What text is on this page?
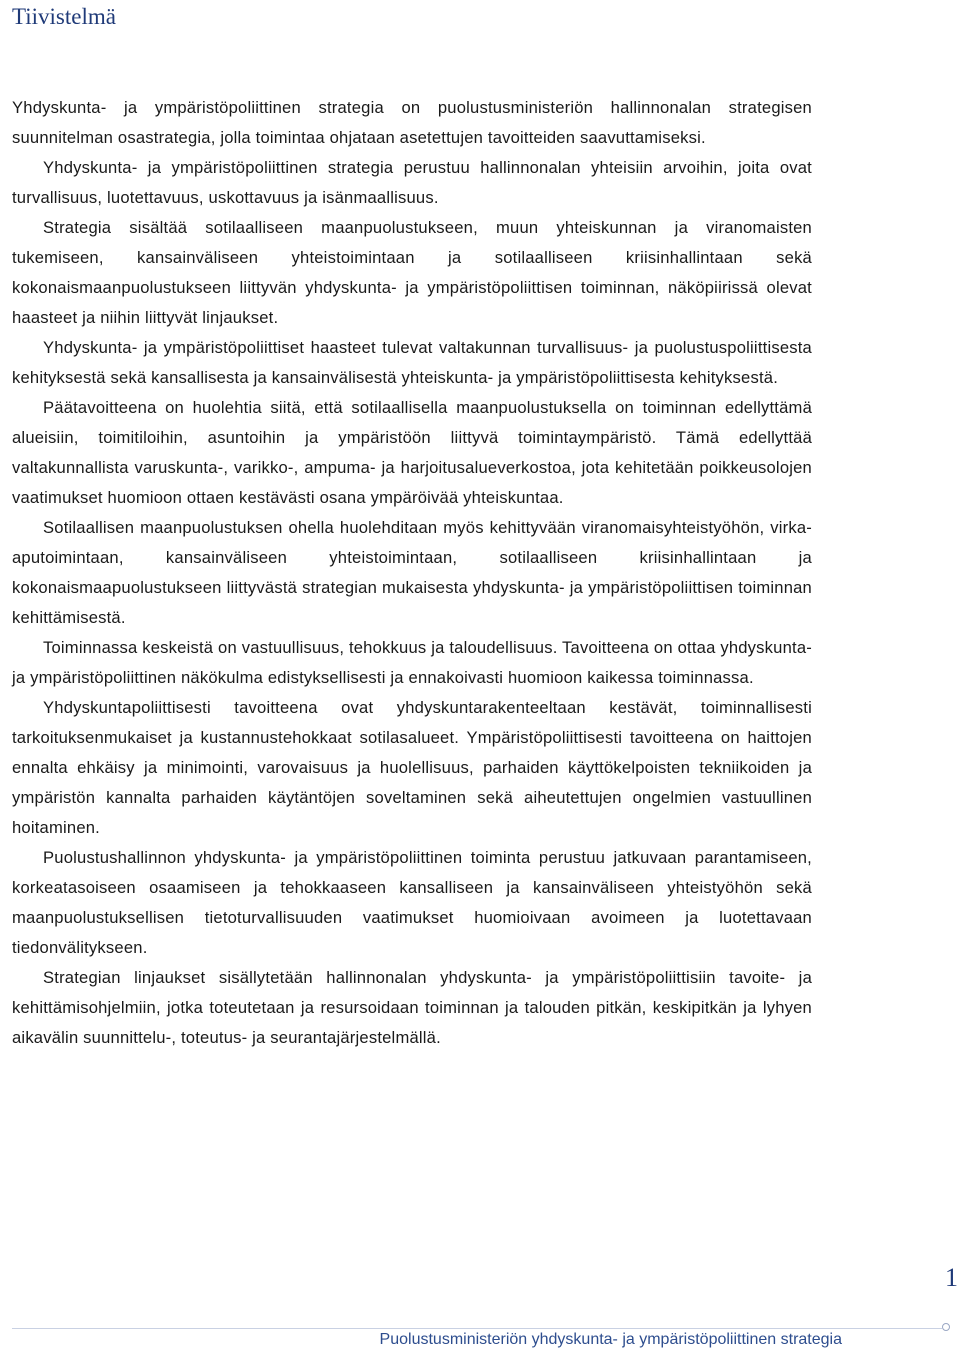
Tiivistelmä

Yhdyskunta- ja ympäristöpoliittinen strategia on puolustusministeriön hallinnonalan strategisen suunnitelman osastrategia, jolla toimintaa ohjataan asetettujen tavoitteiden saavuttamiseksi.

Yhdyskunta- ja ympäristöpoliittinen strategia perustuu hallinnonalan yhteisiin arvoihin, joita ovat turvallisuus, luotettavuus, uskottavuus ja isänmaallisuus.

Strategia sisältää sotilaalliseen maanpuolustukseen, muun yhteiskunnan ja viranomaisten tukemiseen, kansainväliseen yhteistoimintaan ja sotilaalliseen kriisinhallintaan sekä kokonaismaanpuolustukseen liittyvän yhdyskunta- ja ympäristöpoliittisen toiminnan, näköpiirissä olevat haasteet ja niihin liittyvät linjaukset.

Yhdyskunta- ja ympäristöpoliittiset haasteet tulevat valtakunnan turvallisuus- ja puolustuspoliittisesta kehityksestä sekä kansallisesta ja kansainvälisestä yhteiskunta- ja ympäristöpoliittisesta kehityksestä.

Päätavoitteena on huolehtia siitä, että sotilaallisella maanpuolustuksella on toiminnan edellyttämä alueisiin, toimitiloihin, asuntoihin ja ympäristöön liittyvä toimintaympäristö. Tämä edellyttää valtakunnallista varuskunta-, varikko-, ampuma- ja harjoitusalueverkostoa, jota kehitetään poikkeusolojen vaatimukset huomioon ottaen kestävästi osana ympäröivää yhteiskuntaa.

Sotilaallisen maanpuolustuksen ohella huolehditaan myös kehittyvään viranomaisyhteistyöhön, virka-aputoimintaan, kansainväliseen yhteistoimintaan, sotilaalliseen kriisinhallintaan ja kokonaismaapuolustukseen liittyvästä strategian mukaisesta yhdyskunta- ja ympäristöpoliittisen toiminnan kehittämisestä.

Toiminnassa keskeistä on vastuullisuus, tehokkuus ja taloudellisuus. Tavoitteena on ottaa yhdyskunta- ja ympäristöpoliittinen näkökulma edistyksellisesti ja ennakoivasti huomioon kaikessa toiminnassa.

Yhdyskuntapoliittisesti tavoitteena ovat yhdyskuntarakenteeltaan kestävät, toiminnallisesti tarkoituksenmukaiset ja kustannustehokkaat sotilasalueet. Ympäristöpoliittisesti tavoitteena on haittojen ennalta ehkäisy ja minimointi, varovaisuus ja huolellisuus, parhaiden käyttökelpoisten tekniikoiden ja ympäristön kannalta parhaiden käytäntöjen soveltaminen sekä aiheutettujen ongelmien vastuullinen hoitaminen.

Puolustushallinnon yhdyskunta- ja ympäristöpoliittinen toiminta perustuu jatkuvaan parantamiseen, korkeatasoiseen osaamiseen ja tehokkaaseen kansalliseen ja kansainväliseen yhteistyöhön sekä maanpuolustuksellisen tietoturvallisuuden vaatimukset huomioivaan avoimeen ja luotettavaan tiedonvälitykseen.

Strategian linjaukset sisällytetään hallinnonalan yhdyskunta- ja ympäristöpoliittisiin tavoite- ja kehittämisohjelmiin, jotka toteutetaan ja resursoidaan toiminnan ja talouden pitkän, keskipitkän ja lyhyen aikavälin suunnittelu-, toteutus- ja seurantajärjestelmällä.

1
Puolustusministeriön yhdyskunta- ja ympäristöpoliittinen strategia
